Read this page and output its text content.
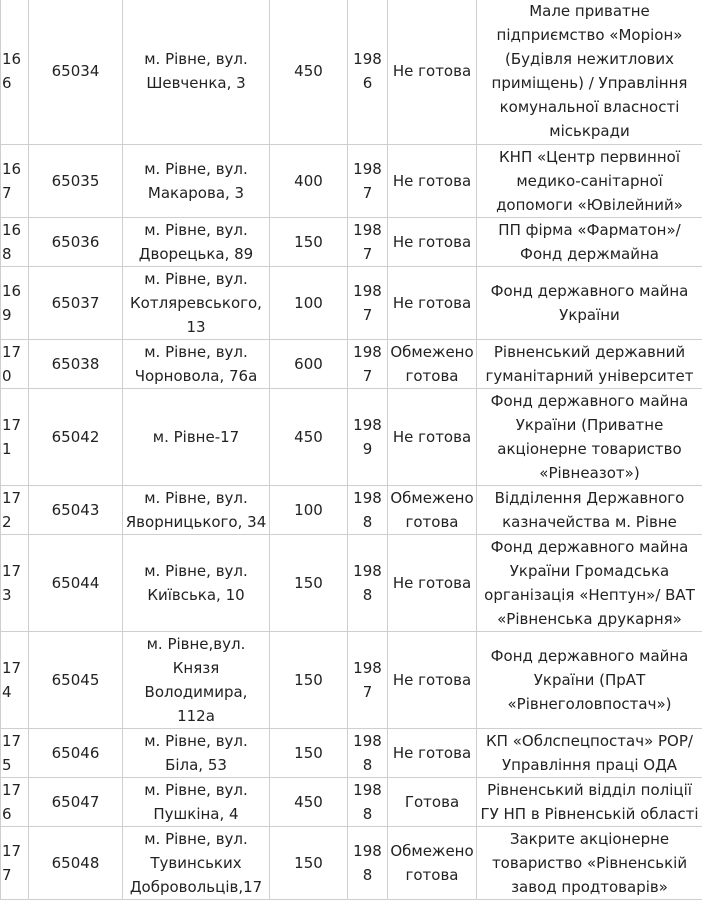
166	65034	м. Рівне, вул. Шевченка, 3	450	1986	Не готова	Мале приватне підприємство «Моріон» (Будівля нежитлових приміщень) / Управління комунальної власності міськради
167	65035	м. Рівне, вул. Макарова, 3	400	1987	Не готова	КНП «Центр первинної медико-санітарної допомоги «Ювілейний»
168	65036	м. Рівне, вул. Дворецька, 89	150	1987	Не готова	ПП фірма «Фарматон»/ Фонд держмайна
169	65037	м. Рівне, вул. Котляревського, 13	100	1987	Не готова	Фонд державного майна України
170	65038	м. Рівне, вул. Чорновола, 76а	600	1987	Обмежено готова	Рівненський державний гуманітарний університет
171	65042	м. Рівне-17	450	1989	Не готова	Фонд державного майна України (Приватне акціонерне товариство «Рівнеазот»)
172	65043	м. Рівне, вул. Яворницького, 34	100	1988	Обмежено готова	Відділення Державного казначейства м. Рівне
173	65044	м. Рівне, вул. Київська, 10	150	1988	Не готова	Фонд державного майна України Громадська організація «Нептун»/ ВАТ «Рівненська друкарня»
174	65045	м. Рівне,вул. Князя Володимира, 112а	150	1987	Не готова	Фонд державного майна України (ПрАТ «Рівнеголовпостач»)
175	65046	м. Рівне, вул. Біла, 53	150	1988	Не готова	КП «Облспецпостач» РОР/ Управління праці ОДА
176	65047	м. Рівне, вул. Пушкіна, 4	450	1988	Готова	Рівненський відділ поліції ГУ НП в Рівненській області
177	65048	м. Рівне, вул. Тувинських Добровольців,17	150	1988	Обмежено готова	Закрите акціонерне товариство «Рівненській завод продтоварів»
